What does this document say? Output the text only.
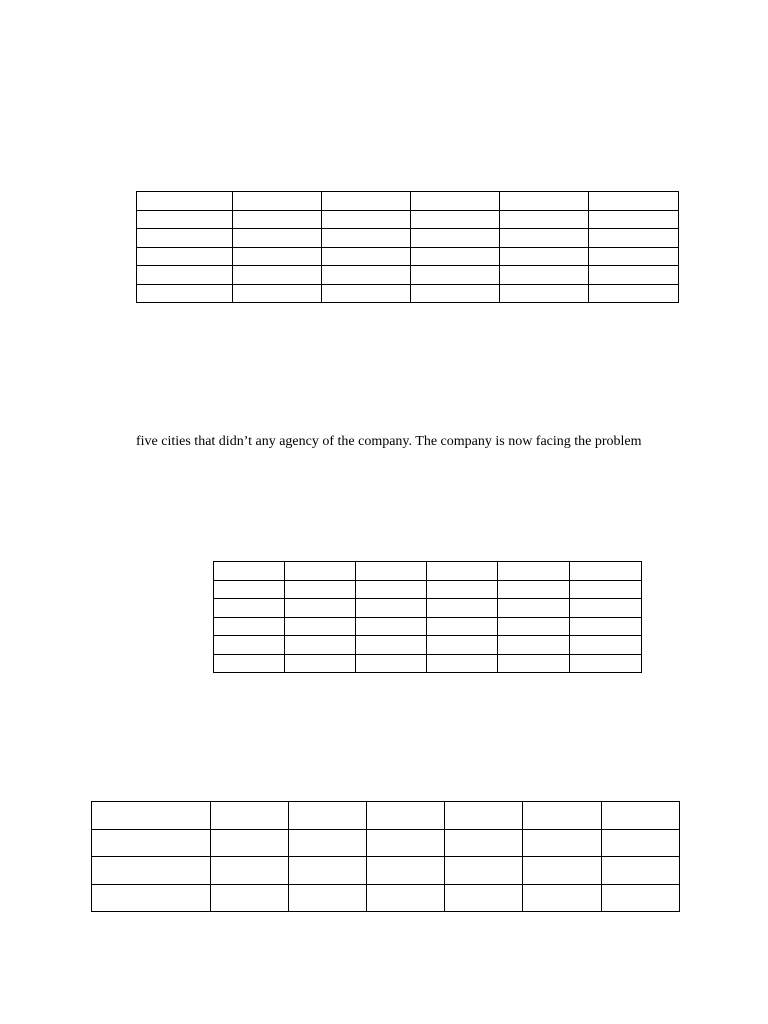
five cities that didn’t any agency of the company. The company is now facing the problem
